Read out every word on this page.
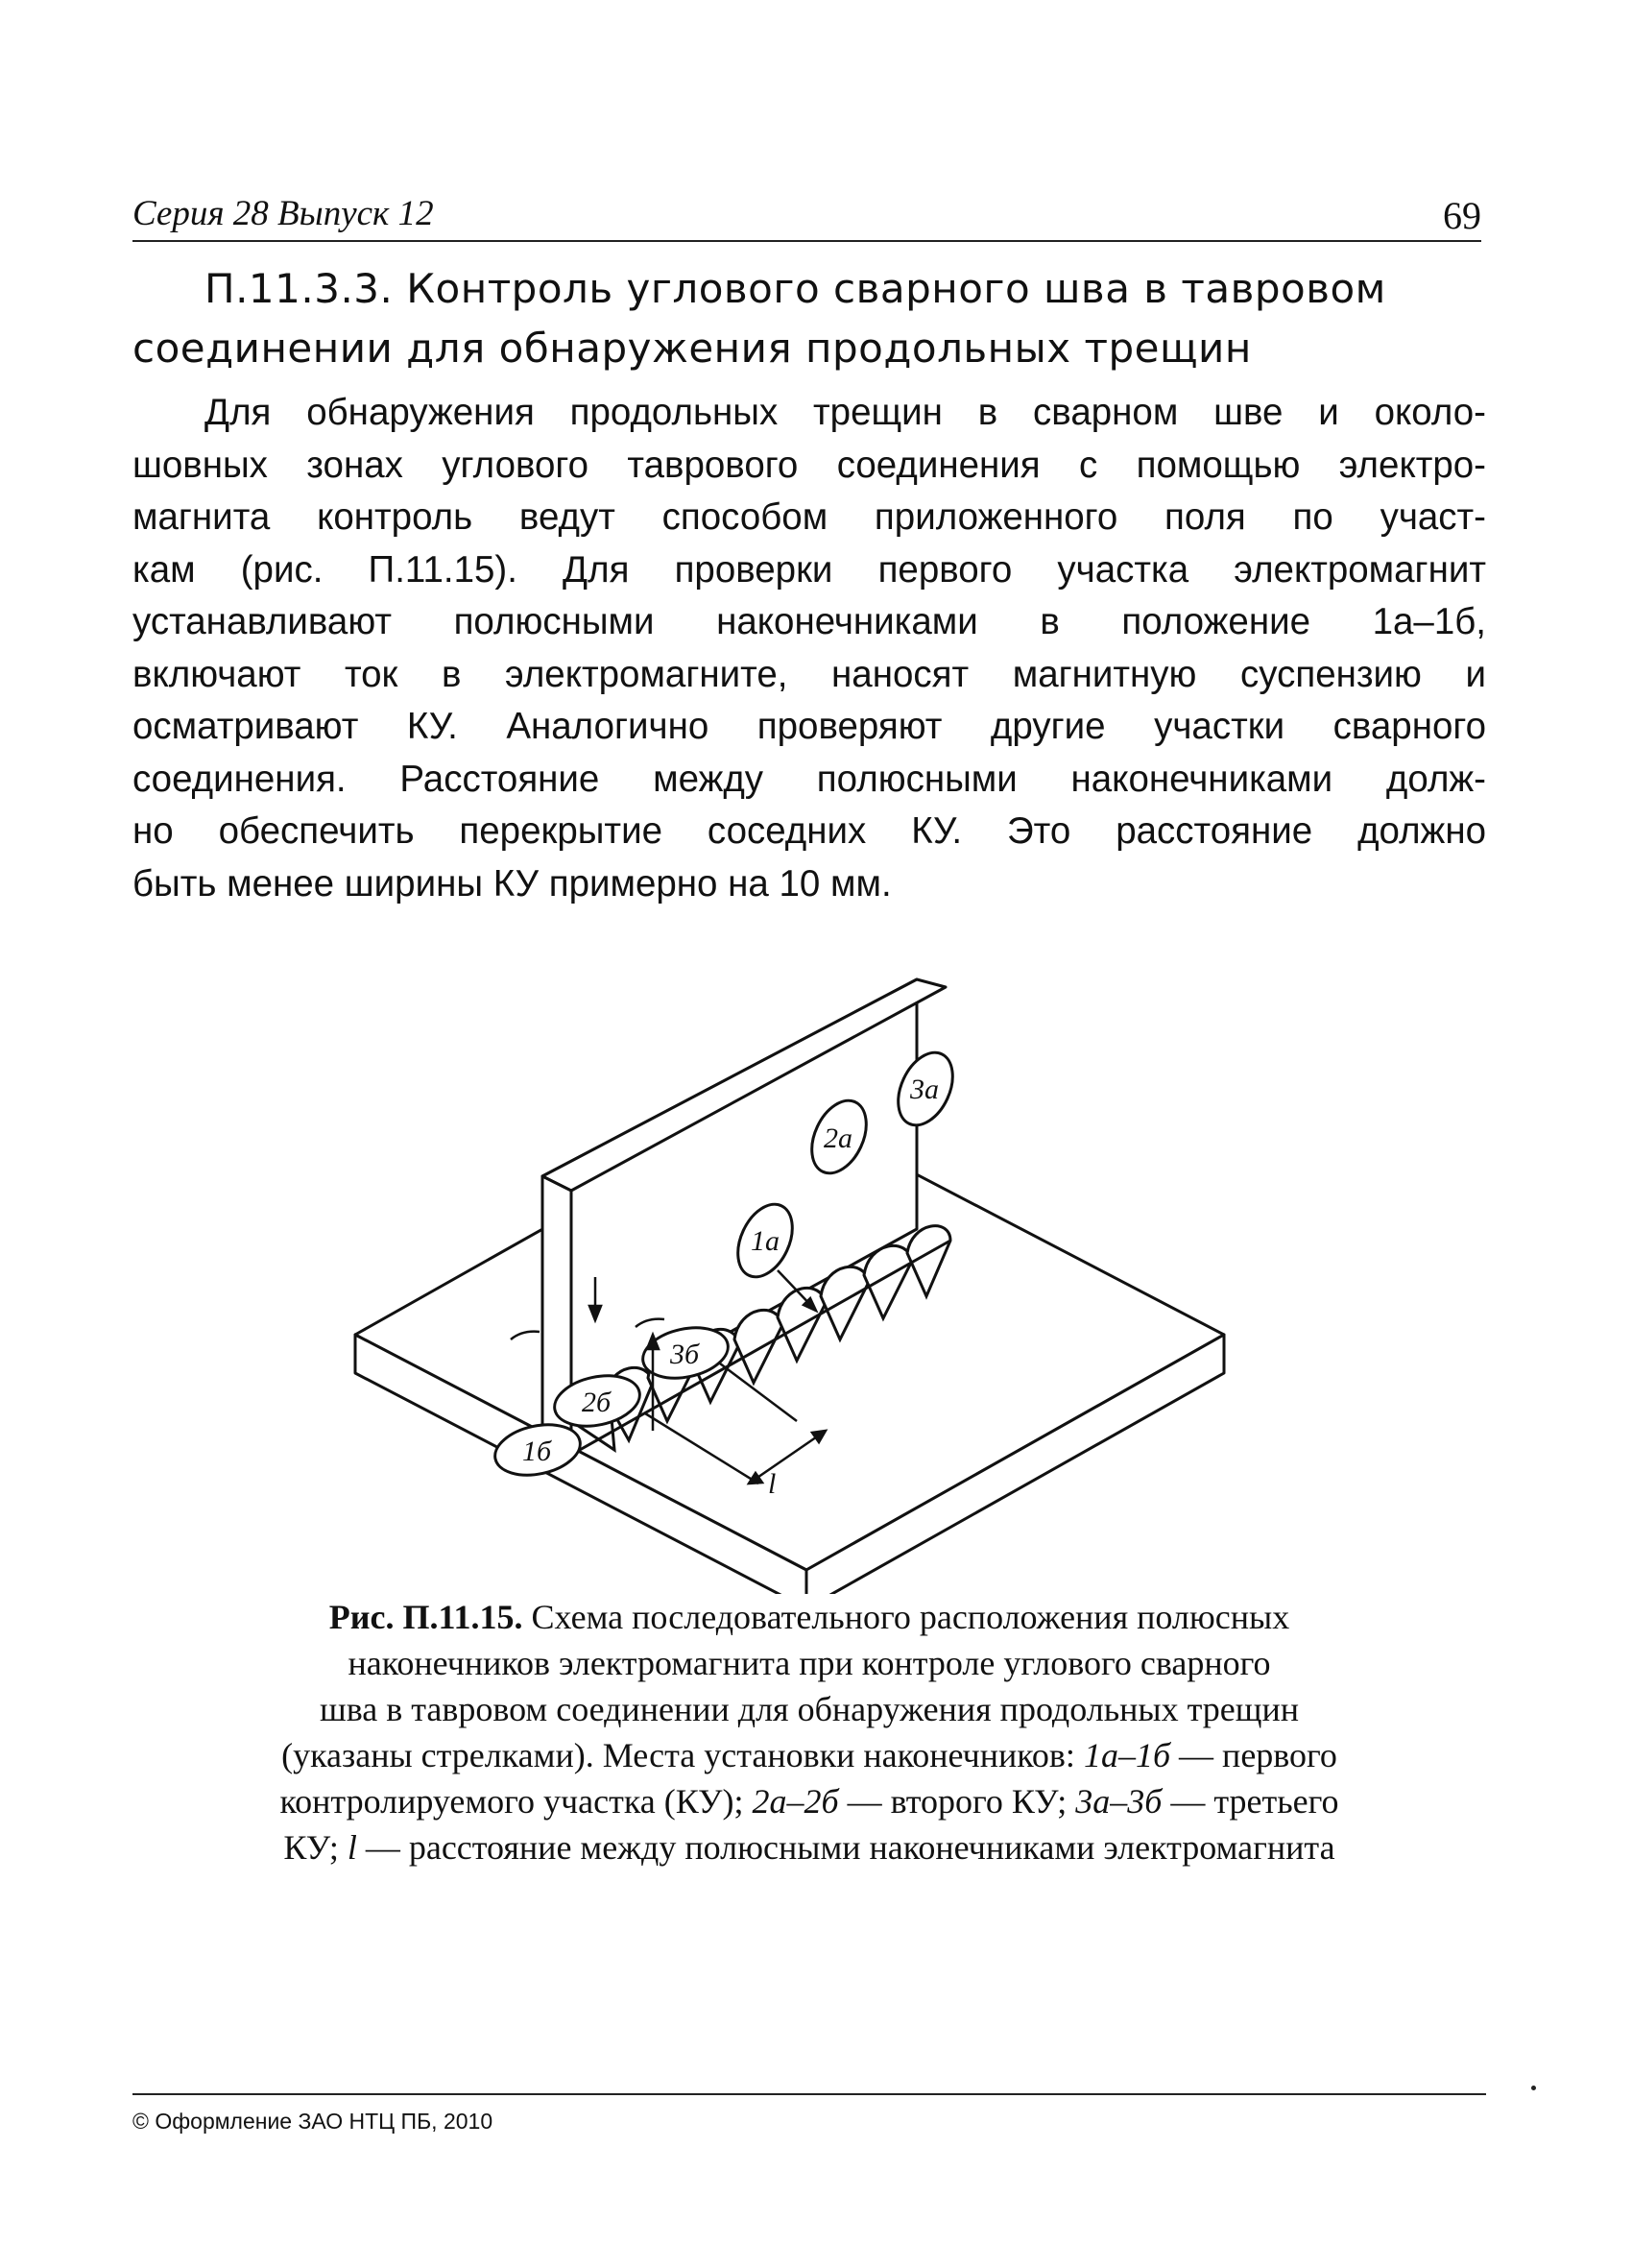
Серия 28 Выпуск 12	69
П.11.3.3. Контроль углового сварного шва в тавровом
соединении для обнаружения продольных трещин

Для обнаружения продольных трещин в сварном шве и около-
шовных зонах углового таврового соединения с помощью электро-
магнита контроль ведут способом приложенного поля по участ-
кам (рис. П.11.15). Для проверки первого участка электромагнит
устанавливают полюсными наконечниками в положение 1а–1б,
включают ток в электромагните, наносят магнитную суспензию и
осматривают КУ. Аналогично проверяют другие участки сварного
соединения. Расстояние между полюсными наконечниками долж-
но обеспечить перекрытие соседних КУ. Это расстояние должно
быть менее ширины КУ примерно на 10 мм.

1а
2а
3а
1б
2б
3б
l

Рис. П.11.15. Схема последовательного расположения полюсных
наконечников электромагнита при контроле углового сварного
шва в тавровом соединении для обнаружения продольных трещин
(указаны стрелками). Места установки наконечников: 1а–1б — первого
контролируемого участка (КУ); 2а–2б — второго КУ; 3а–3б — третьего
КУ; l — расстояние между полюсными наконечниками электромагнита

© Оформление ЗАО НТЦ ПБ, 2010
